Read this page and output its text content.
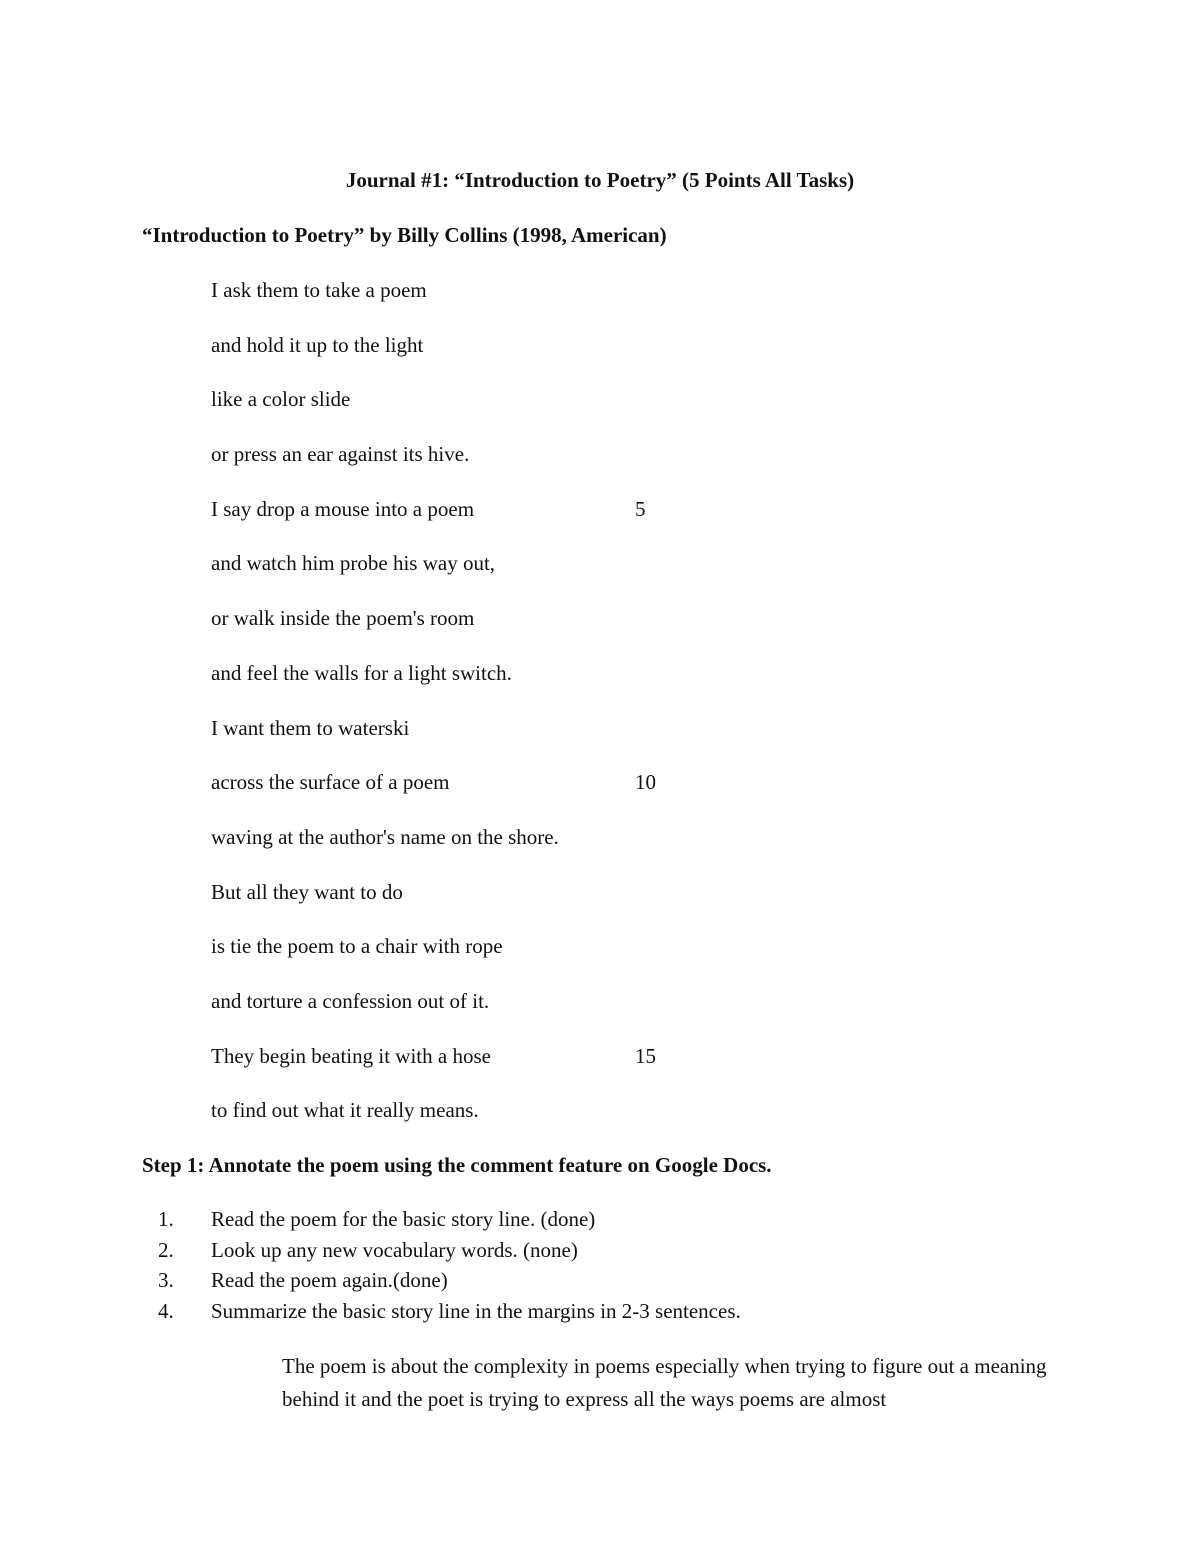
Journal #1: “Introduction to Poetry” (5 Points All Tasks)
“Introduction to Poetry” by Billy Collins (1998, American)
I ask them to take a poem
and hold it up to the light
like a color slide
or press an ear against its hive.
I say drop a mouse into a poem	5
and watch him probe his way out,
or walk inside the poem's room
and feel the walls for a light switch.
I want them to waterski
across the surface of a poem	10
waving at the author's name on the shore.
But all they want to do
is tie the poem to a chair with rope
and torture a confession out of it.
They begin beating it with a hose	15
to find out what it really means.
Step 1: Annotate the poem using the comment feature on Google Docs.
1. Read the poem for the basic story line. (done)
2. Look up any new vocabulary words. (none)
3. Read the poem again.(done)
4. Summarize the basic story line in the margins in 2-3 sentences.
The poem is about the complexity in poems especially when trying to figure out a meaning behind it and the poet is trying to express all the ways poems are almost
